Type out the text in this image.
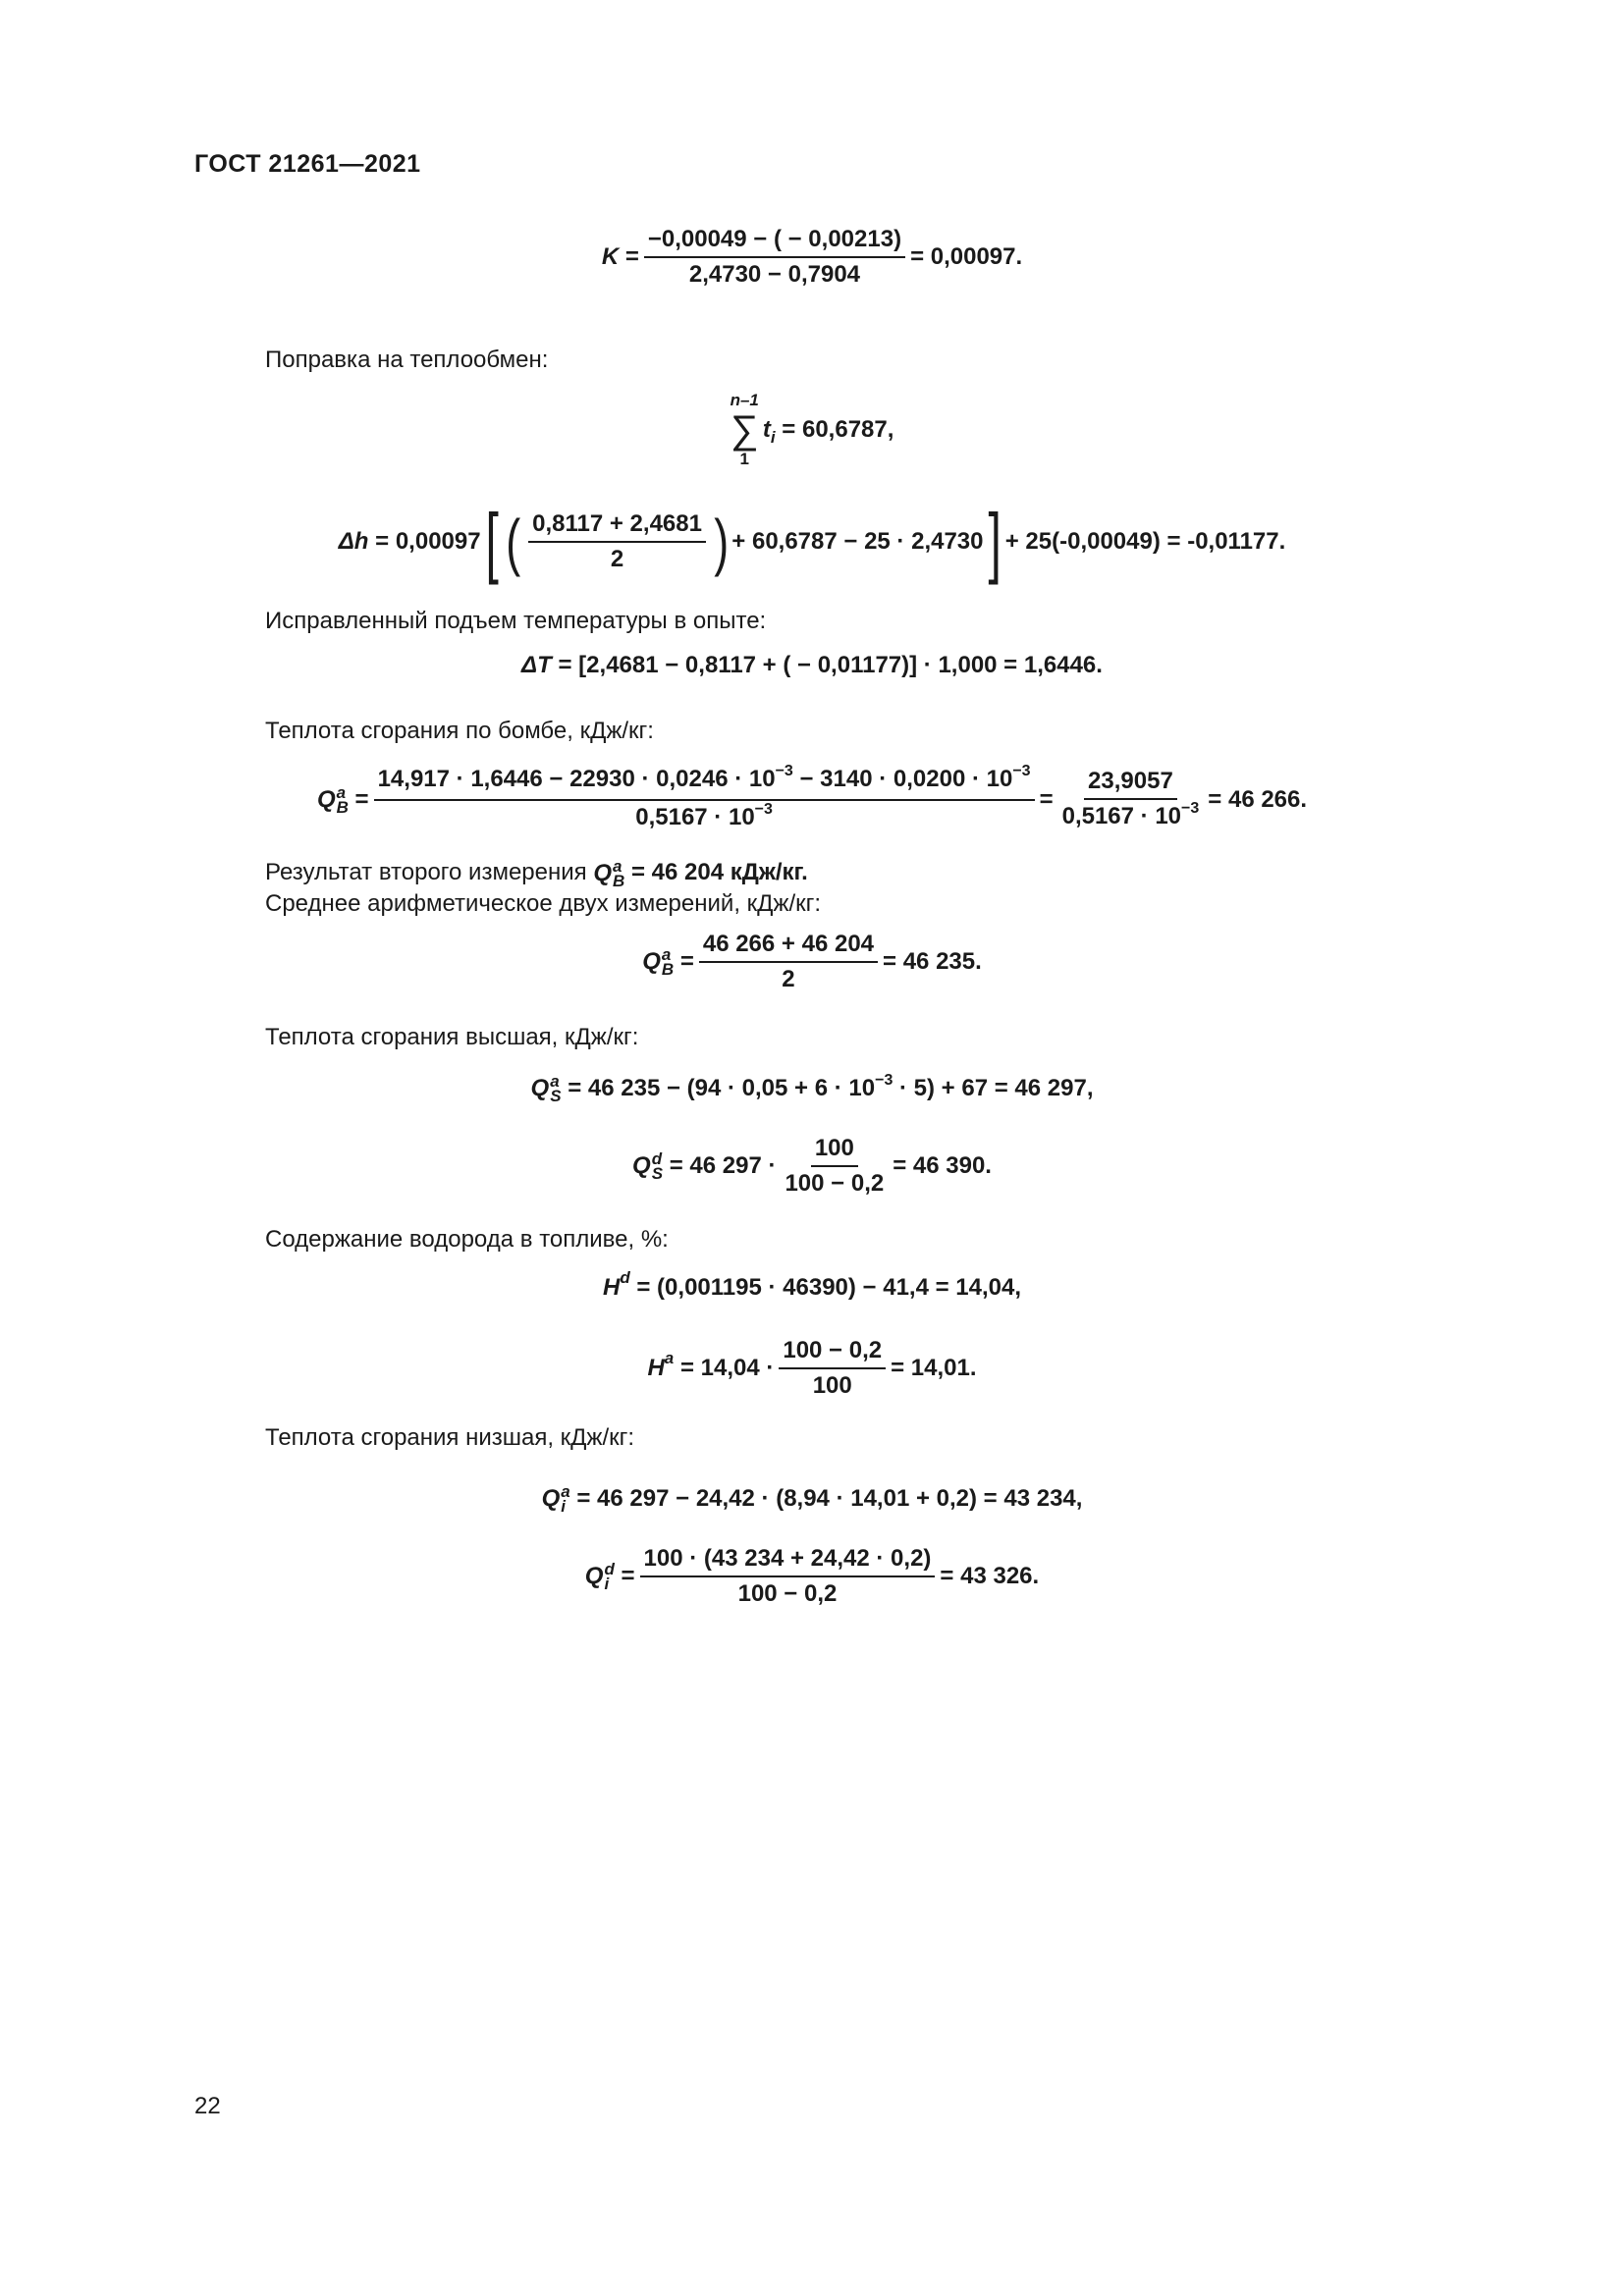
ГОСТ 21261—2021
$K = \frac{-0,00049 - ( - 0,00213)}{2,4730 - 0,7904} = 0,00097$.
Поправка на теплообмен:
n–1
∑
1
t i
= 60,6787,
Δh
= 0,00097 [ ( $\frac{0,8117 + 2,4681}{2}$ ) + 60,6787 − 25 · 2,4730 ] + 25(-0,00049) = -0,01177.
Исправленный подъем температуры в опыте:
ΔT
= [2,4681 − 0,8117 + ( − 0,01177)] · 1,000 = 1,6446.
Теплота сгорания по бомбе, кДж/кг:
Q a
B =
$14,917 \cdot 1,6446 - 22930 \cdot 0,0246 \cdot 10^{-3} - 3140 \cdot 0,0200 \cdot 10^{-3}$
$0,5167 \cdot 10^{-3}$	= $\frac{23,9057}{0,5167 \cdot 10^{-3}} = 46$ 266.
Результат второго измерения Q a
B = 46 204 кДж/кг.
Среднее арифметическое двух измерений, кДж/кг:
Q a
$B = \frac{46 266 + 46 204}{2} = 46$ 235.
Теплота сгорания высшая, кДж/кг:
Q a
S
= 46 $235 - (94 \cdot 0,05 + 6 \cdot 10^{-3} \cdot 5) + 67 = 46$ 297,
Q d
S
= 46 $297 \cdot \frac{100}{100 - 0,2} = 46$ 390.
Содержание водорода в топливе, %:
H d
= (0,001195 · 46390) − 41,4 = 14,04,
H a
= $14,04 \cdot \frac{100 - 0,2}{100} = 14,01$.
Теплота сгорания низшая, кДж/кг:
Q a
i
= 46 297 − 24,42 · (8,94 · 14,01 + 0,2) = 43 234,
Q d
$i = \frac{100 \cdot (43 234 + 24,42 \cdot 0,2)}{100 - 0,2} = 43$ 326.
22
